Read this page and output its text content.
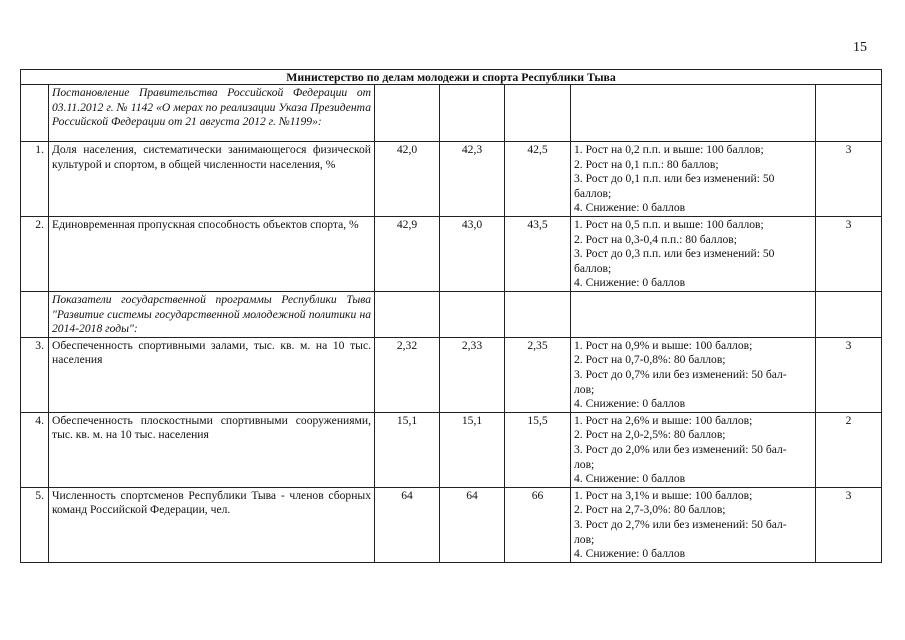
15
Министерство по делам молодежи и спорта Республики Тыва						
	Постановление Правительства Российской Федерации от 03.11.2012 г. № 1142 «О мерах по реализации Указа Президента Российской Федерации от 21 августа 2012 г. №1199»:					
1.	Доля населения, систематически занимающегося физической культурой и спортом, в общей численности населения, %	42,0	42,3	42,5	1. Рост на 0,2 п.п. и выше: 100 баллов;
2. Рост на 0,1 п.п.: 80 баллов;
3. Рост до 0,1 п.п. или без изменений: 50
баллов;
4. Снижение: 0 баллов	3
2.	Единовременная пропускная способность объектов спорта, %	42,9	43,0	43,5	1. Рост на 0,5 п.п. и выше: 100 баллов;
2. Рост на 0,3-0,4 п.п.: 80 баллов;
3. Рост до 0,3 п.п. или без изменений: 50
баллов;
4. Снижение: 0 баллов	3
	Показатели государственной программы Республики Тыва "Развитие системы государственной молодежной политики на 2014-2018 годы":					
3.	Обеспеченность спортивными залами, тыс. кв. м. на 10 тыс. населения	2,32	2,33	2,35	1. Рост на 0,9% и выше: 100 баллов;
2. Рост на 0,7-0,8%: 80 баллов;
3. Рост до 0,7% или без изменений: 50 бал-
лов;
4. Снижение: 0 баллов	3
4.	Обеспеченность плоскостными спортивными сооружениями, тыс. кв. м. на 10 тыс. населения	15,1	15,1	15,5	1. Рост на 2,6% и выше: 100 баллов;
2. Рост на 2,0-2,5%: 80 баллов;
3. Рост до 2,0% или без изменений: 50 бал-
лов;
4. Снижение: 0 баллов	2
5.	Численность спортсменов Республики Тыва - членов сборных команд Российской Федерации, чел.	64	64	66	1. Рост на 3,1% и выше: 100 баллов;
2. Рост на 2,7-3,0%: 80 баллов;
3. Рост до 2,7% или без изменений: 50 бал-
лов;
4. Снижение: 0 баллов	3
